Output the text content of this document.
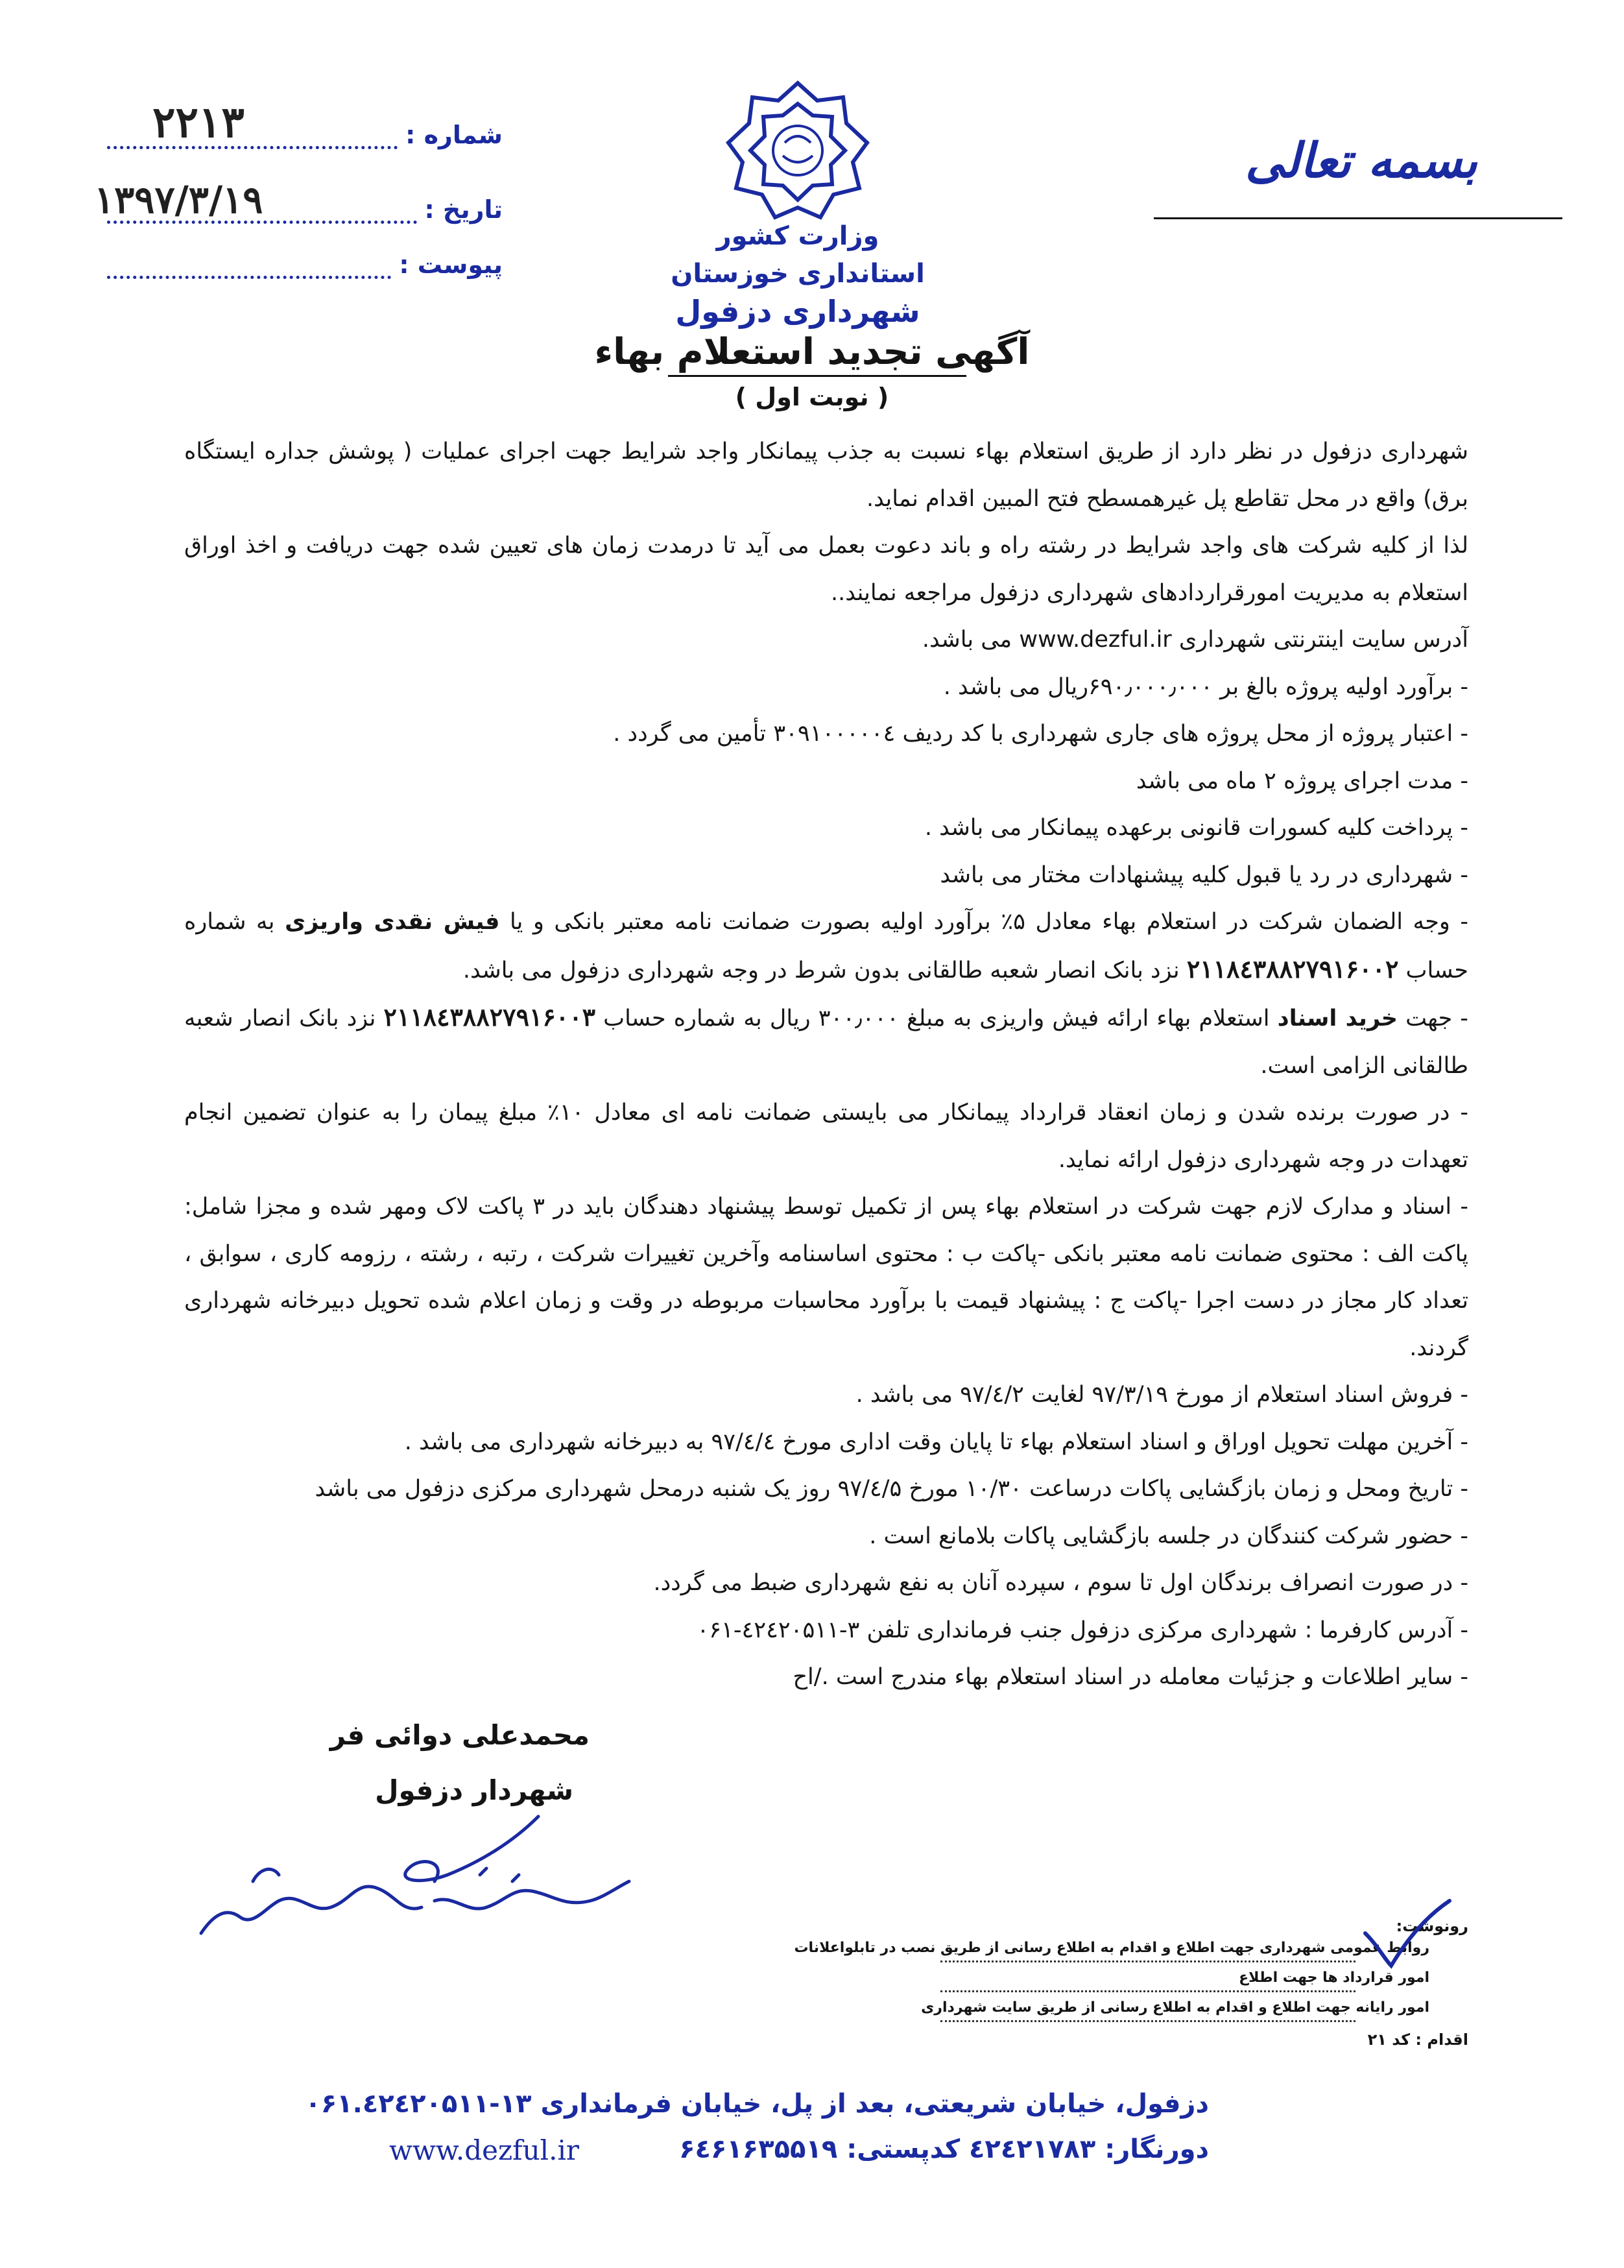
بسمه تعالی
وزارت کشور
استانداری خوزستان
شهرداری دزفول
شماره :
۲۲۱۳
تاریخ :
۱۳۹۷/۳/۱۹
پیوست :
آگهی تجدید استعلام بهاء
( نوبت اول )

شهرداری دزفول در نظر دارد از طریق استعلام بهاء نسبت به جذب پیمانکار واجد شرایط جهت اجرای عملیات ( پوشش جداره ایستگاه برق) واقع در محل تقاطع پل غیرهمسطح فتح المبین اقدام نماید.

لذا از کلیه شرکت های واجد شرایط در رشته راه و باند دعوت بعمل می آید تا درمدت زمان های تعیین شده جهت دریافت و اخذ اوراق استعلام به مدیریت امورقراردادهای شهرداری دزفول مراجعه نمایند..

آدرس سایت اینترنتی شهرداری www.dezful.ir می باشد.

- برآورد اولیه پروژه بالغ بر ۶۹۰٫۰۰۰٫۰۰۰ریال می باشد .

- اعتبار پروژه از محل پروژه های جاری شهرداری با کد ردیف ۳۰۹۱۰۰۰۰۰٤ تأمین می گردد .

- مدت اجرای پروژه ۲ ماه می باشد

- پرداخت کلیه کسورات قانونی برعهده پیمانکار می باشد .

- شهرداری در رد یا قبول کلیه پیشنهادات مختار می باشد

- وجه الضمان شرکت در استعلام بهاء معادل ۵٪ برآورد اولیه بصورت ضمانت نامه معتبر بانکی و یا فیش نقدی واریزی به شماره حساب ۲۱۱۸٤۳۸۸۲۷۹۱۶۰۰۲ نزد بانک انصار شعبه طالقانی بدون شرط در وجه شهرداری دزفول می باشد.

- جهت خرید اسناد استعلام بهاء ارائه فیش واریزی به مبلغ ۳۰۰٫۰۰۰ ریال به شماره حساب ۲۱۱۸٤۳۸۸۲۷۹۱۶۰۰۳ نزد بانک انصار شعبه طالقانی الزامی است.

- در صورت برنده شدن و زمان انعقاد قرارداد پیمانکار می بایستی ضمانت نامه ای معادل ۱۰٪ مبلغ پیمان را به عنوان تضمین انجام تعهدات در وجه شهرداری دزفول ارائه نماید.

- اسناد و مدارک لازم جهت شرکت در استعلام بهاء پس از تکمیل توسط پیشنهاد دهندگان باید در ۳ پاکت لاک ومهر شده و مجزا شامل: پاکت الف : محتوی ضمانت نامه معتبر بانکی -پاکت ب : محتوی اساسنامه وآخرین تغییرات شرکت ، رتبه ، رشته ، رزومه کاری ، سوابق ، تعداد کار مجاز در دست اجرا -پاکت ج : پیشنهاد قیمت با برآورد محاسبات مربوطه در وقت و زمان اعلام شده تحویل دبیرخانه شهرداری گردند.

- فروش اسناد استعلام از مورخ ۹۷/۳/۱۹ لغایت ۹۷/٤/۲ می باشد .

- آخرین مهلت تحویل اوراق و اسناد استعلام بهاء تا پایان وقت اداری مورخ ۹۷/٤/٤ به دبیرخانه شهرداری می باشد .

- تاریخ ومحل و زمان بازگشایی پاکات درساعت ۱۰/۳۰ مورخ ۹۷/٤/۵ روز یک شنبه درمحل شهرداری مرکزی دزفول می باشد

- حضور شرکت کنندگان در جلسه بازگشایی پاکات بلامانع است .

- در صورت انصراف برندگان اول تا سوم ، سپرده آنان به نفع شهرداری ضبط می گردد.

- آدرس کارفرما : شهرداری مرکزی دزفول جنب فرمانداری تلفن ۳-٤۲٤۲۰۵۱۱-۰۶۱

- سایر اطلاعات و جزئیات معامله در اسناد استعلام بهاء مندرج است ./اح

محمدعلی دوائی فر
شهردار دزفول
رونوشت:
روابط عمومی شهرداری جهت اطلاع و اقدام به اطلاع رسانی از طریق نصب در تابلواعلانات
امور قرارداد ها جهت اطلاع
امور رایانه جهت اطلاع و اقدام به اطلاع رسانی از طریق سایت شهرداری
اقدام : کد ۲۱
دزفول، خیابان شریعتی، بعد از پل، خیابان فرمانداری ۱۳-۰۶۱.٤۲٤۲۰۵۱۱
دورنگار: ٤۲٤۲۱۷۸۳ کدپستی: ۶٤۶۱۶۳۵۵۱۹
www.dezful.ir
